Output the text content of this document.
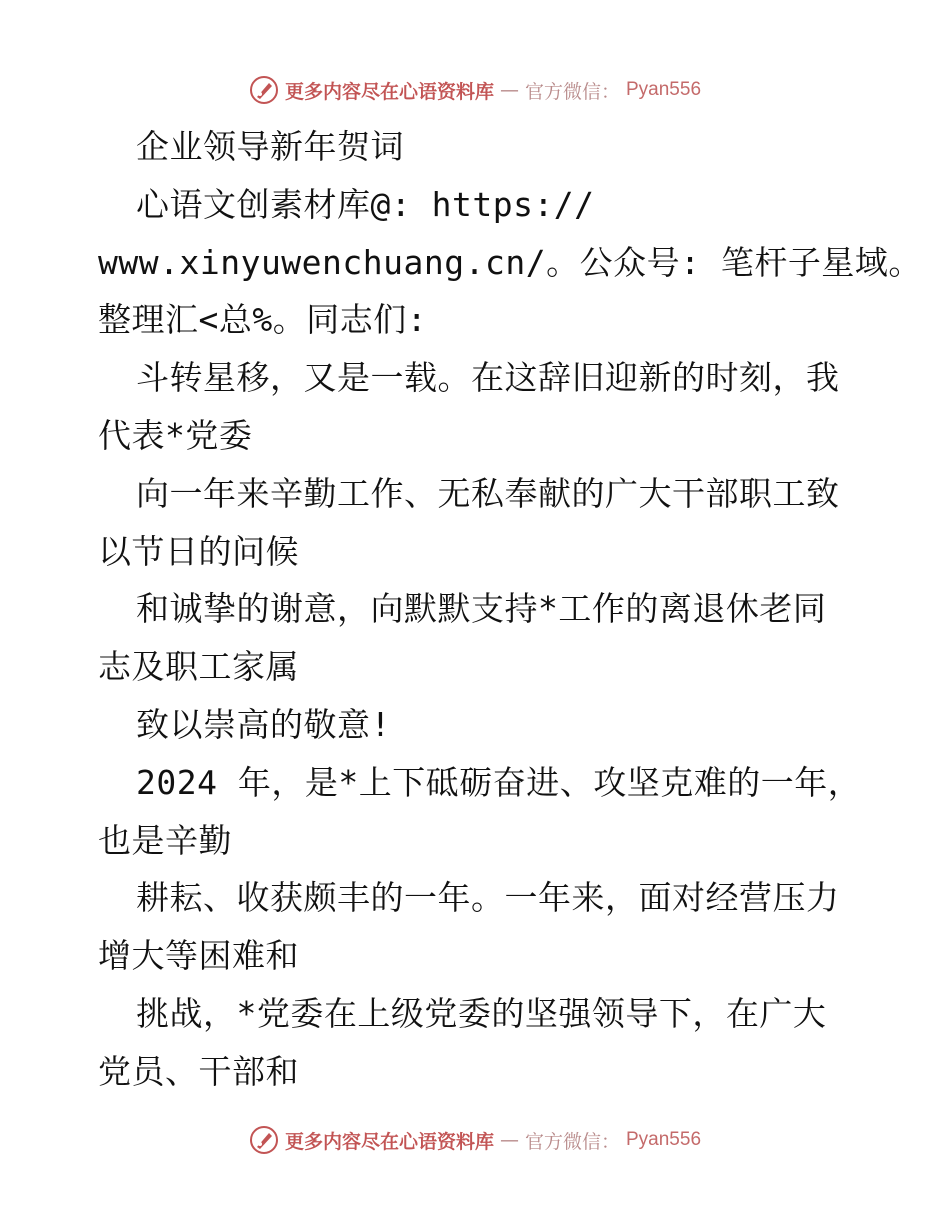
更多内容尽在心语资料库 — 官方微信： Pyan556
企业领导新年贺词
心语文创素材库@: https://
www.xinyuwenchuang.cn/。公众号: 笔杆子星域。
整理汇<总%。同志们:
斗转星移，又是一载。在这辞旧迎新的时刻，我
代表*党委
向一年来辛勤工作、无私奉献的广大干部职工致
以节日的问候
和诚挚的谢意，向默默支持*工作的离退休老同
志及职工家属
致以崇高的敬意!
2024 年，是*上下砥砺奋进、攻坚克难的一年，
也是辛勤
耕耘、收获颇丰的一年。一年来，面对经营压力
增大等困难和
挑战，*党委在上级党委的坚强领导下，在广大
党员、干部和
更多内容尽在心语资料库 — 官方微信： Pyan556
